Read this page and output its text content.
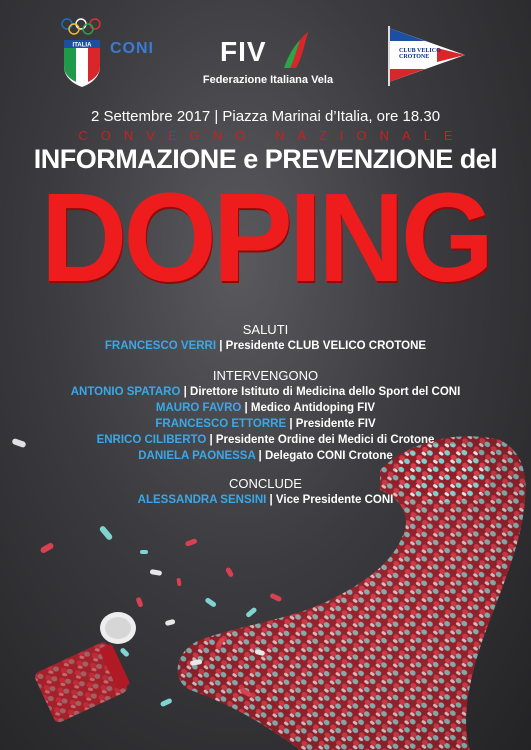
ITALIA CONI FIV
Federazione Italiana Vela
CLUB VELICO CROTONE
2 Settembre 2017 | Piazza Marinai d’Italia, ore 18.30
CONVEGNO NAZIONALE
INFORMAZIONE e PREVENZIONE del
DOPING
SALUTI
FRANCESCO VERRI | Presidente CLUB VELICO CROTONE
INTERVENGONO
ANTONIO SPATARO | Direttore Istituto di Medicina dello Sport del CONI
MAURO FAVRO | Medico Antidoping FIV
FRANCESCO ETTORRE | Presidente FIV
ENRICO CILIBERTO | Presidente Ordine dei Medici di Crotone
DANIELA PAONESSA | Delegato CONI Crotone
CONCLUDE
ALESSANDRA SENSINI | Vice Presidente CONI
